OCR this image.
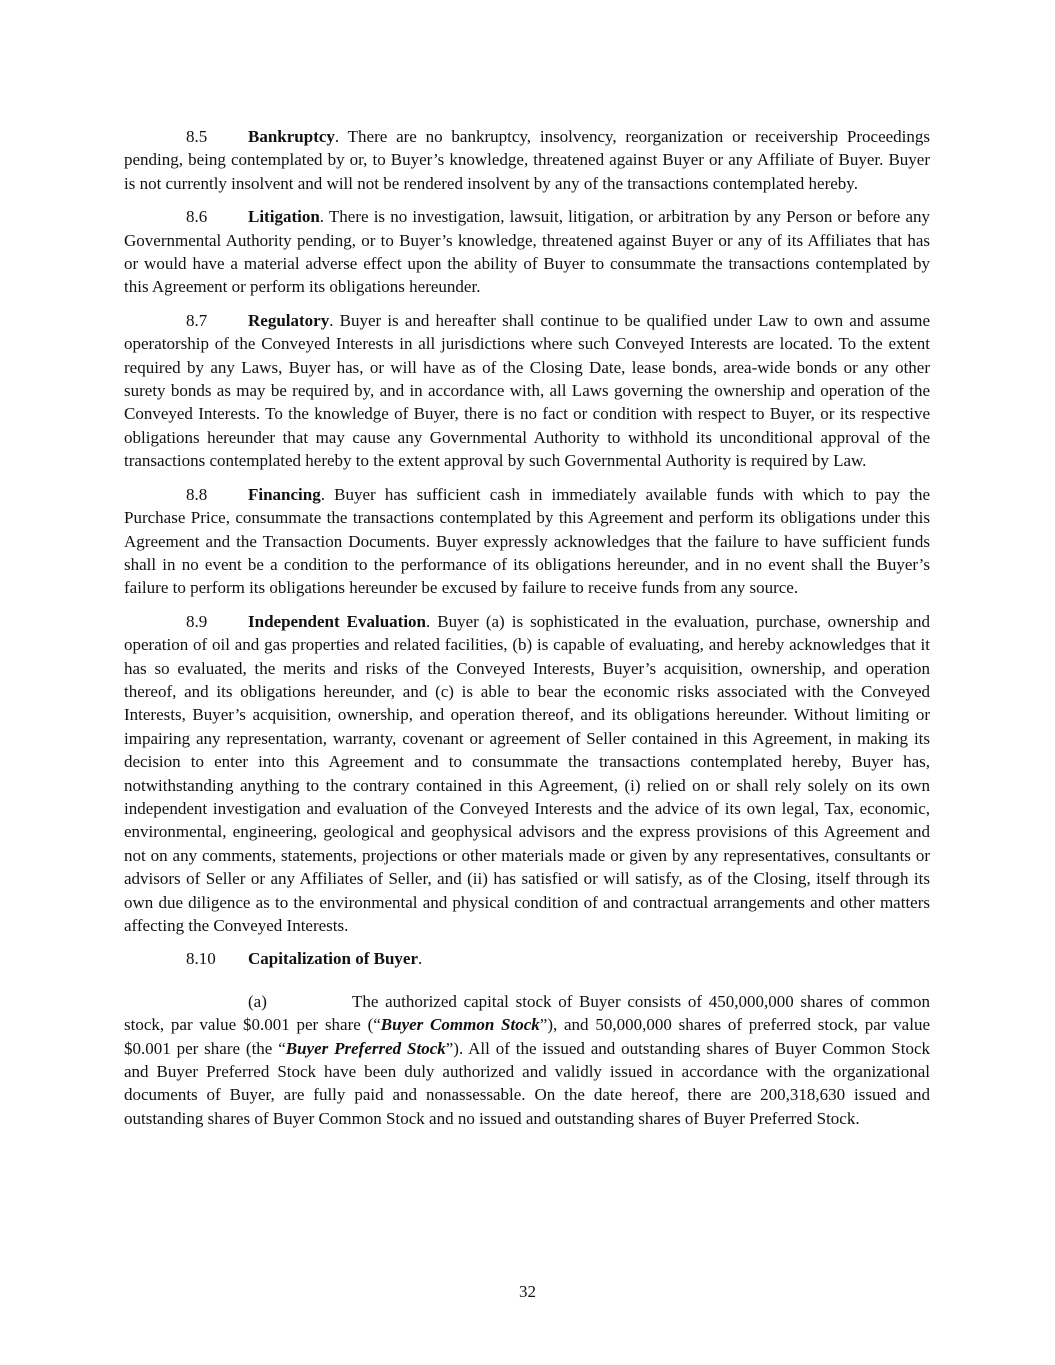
8.5 Bankruptcy. There are no bankruptcy, insolvency, reorganization or receivership Proceedings pending, being contemplated by or, to Buyer’s knowledge, threatened against Buyer or any Affiliate of Buyer. Buyer is not currently insolvent and will not be rendered insolvent by any of the transactions contemplated hereby.

8.6 Litigation. There is no investigation, lawsuit, litigation, or arbitration by any Person or before any Governmental Authority pending, or to Buyer’s knowledge, threatened against Buyer or any of its Affiliates that has or would have a material adverse effect upon the ability of Buyer to consummate the transactions contemplated by this Agreement or perform its obligations hereunder.

8.7 Regulatory. Buyer is and hereafter shall continue to be qualified under Law to own and assume operatorship of the Conveyed Interests in all jurisdictions where such Conveyed Interests are located. To the extent required by any Laws, Buyer has, or will have as of the Closing Date, lease bonds, area-wide bonds or any other surety bonds as may be required by, and in accordance with, all Laws governing the ownership and operation of the Conveyed Interests. To the knowledge of Buyer, there is no fact or condition with respect to Buyer, or its respective obligations hereunder that may cause any Governmental Authority to withhold its unconditional approval of the transactions contemplated hereby to the extent approval by such Governmental Authority is required by Law.

8.8 Financing. Buyer has sufficient cash in immediately available funds with which to pay the Purchase Price, consummate the transactions contemplated by this Agreement and perform its obligations under this Agreement and the Transaction Documents. Buyer expressly acknowledges that the failure to have sufficient funds shall in no event be a condition to the performance of its obligations hereunder, and in no event shall the Buyer’s failure to perform its obligations hereunder be excused by failure to receive funds from any source.

8.9 Independent Evaluation. Buyer (a) is sophisticated in the evaluation, purchase, ownership and operation of oil and gas properties and related facilities, (b) is capable of evaluating, and hereby acknowledges that it has so evaluated, the merits and risks of the Conveyed Interests, Buyer’s acquisition, ownership, and operation thereof, and its obligations hereunder, and (c) is able to bear the economic risks associated with the Conveyed Interests, Buyer’s acquisition, ownership, and operation thereof, and its obligations hereunder. Without limiting or impairing any representation, warranty, covenant or agreement of Seller contained in this Agreement, in making its decision to enter into this Agreement and to consummate the transactions contemplated hereby, Buyer has, notwithstanding anything to the contrary contained in this Agreement, (i) relied on or shall rely solely on its own independent investigation and evaluation of the Conveyed Interests and the advice of its own legal, Tax, economic, environmental, engineering, geological and geophysical advisors and the express provisions of this Agreement and not on any comments, statements, projections or other materials made or given by any representatives, consultants or advisors of Seller or any Affiliates of Seller, and (ii) has satisfied or will satisfy, as of the Closing, itself through its own due diligence as to the environmental and physical condition of and contractual arrangements and other matters affecting the Conveyed Interests.

8.10 Capitalization of Buyer.

(a)	The authorized capital stock of Buyer consists of 450,000,000 shares of common stock, par value $0.001 per share (“Buyer Common Stock”), and 50,000,000 shares of preferred stock, par value $0.001 per share (the “Buyer Preferred Stock”). All of the issued and outstanding shares of Buyer Common Stock and Buyer Preferred Stock have been duly authorized and validly issued in accordance with the organizational documents of Buyer, are fully paid and nonassessable. On the date hereof, there are 200,318,630 issued and outstanding shares of Buyer Common Stock and no issued and outstanding shares of Buyer Preferred Stock.

32
